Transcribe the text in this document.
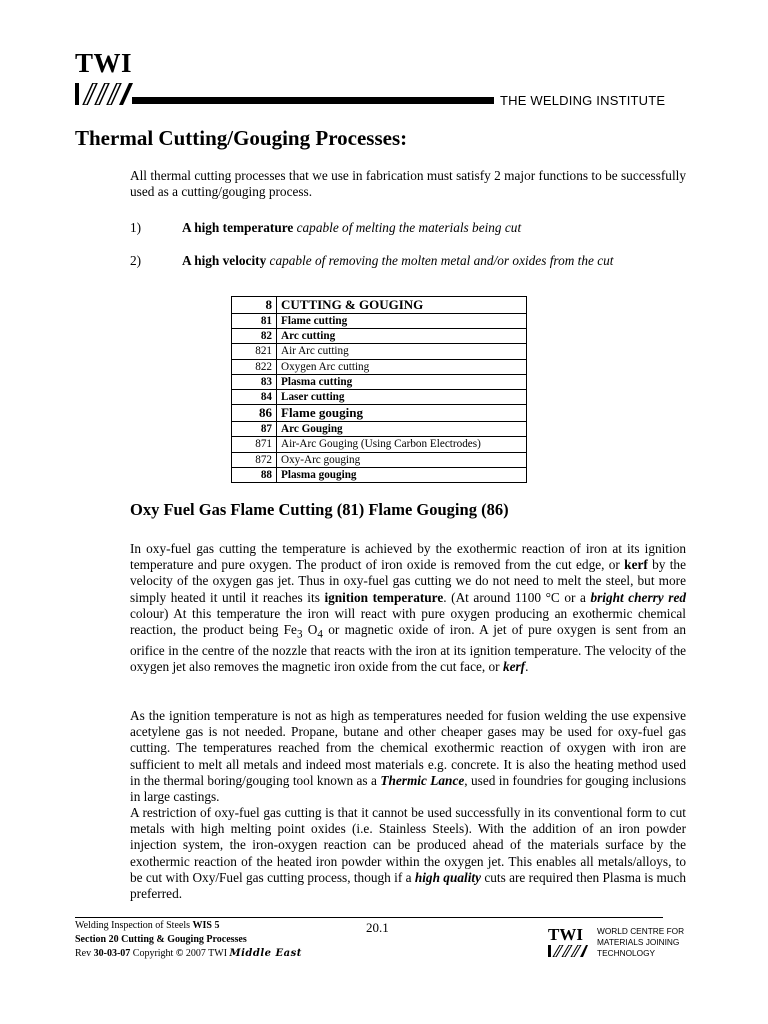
TWI
THE WELDING INSTITUTE
Thermal Cutting/Gouging Processes:
All thermal cutting processes that we use in fabrication must satisfy 2 major functions to be successfully used as a cutting/gouging process.
1)	A high temperature capable of melting the materials being cut
2)	A high velocity capable of removing the molten metal and/or oxides from the cut
8	CUTTING & GOUGING
81	Flame cutting
82	Arc cutting
821	Air Arc cutting
822	Oxygen Arc cutting
83	Plasma cutting
84	Laser cutting
86	Flame gouging
87	Arc Gouging
871	Air-Arc Gouging (Using Carbon Electrodes)
872	Oxy-Arc gouging
88	Plasma gouging
Oxy Fuel Gas Flame Cutting (81) Flame Gouging (86)
In oxy-fuel gas cutting the temperature is achieved by the exothermic reaction of iron at its ignition temperature and pure oxygen. The product of iron oxide is removed from the cut edge, or kerf by the velocity of the oxygen gas jet. Thus in oxy-fuel gas cutting we do not need to melt the steel, but more simply heated it until it reaches its ignition temperature. (At around 1100 °C or a bright cherry red colour) At this temperature the iron will react with pure oxygen producing an exothermic chemical reaction, the product being $Fe_3$ $O_4$ or magnetic oxide of iron. A jet of pure oxygen is sent from an orifice in the centre of the nozzle that reacts with the iron at its ignition temperature. The velocity of the oxygen jet also removes the magnetic iron oxide from the cut face, or kerf.
As the ignition temperature is not as high as temperatures needed for fusion welding the use expensive acetylene gas is not needed. Propane, butane and other cheaper gases may be used for oxy-fuel gas cutting. The temperatures reached from the chemical exothermic reaction of oxygen with iron are sufficient to melt all metals and indeed most materials e.g. concrete. It is also the heating method used in the thermal boring/gouging tool known as a Thermic Lance, used in foundries for gouging inclusions in large castings.
A restriction of oxy-fuel gas cutting is that it cannot be used successfully in its conventional form to cut metals with high melting point oxides (i.e. Stainless Steels). With the addition of an iron powder injection system, the iron-oxygen reaction can be produced ahead of the materials surface by the exothermic reaction of the heated iron powder within the oxygen jet. This enables all metals/alloys, to be cut with Oxy/Fuel gas cutting process, though if a high quality cuts are required then Plasma is much preferred.
Welding Inspection of Steels WIS 5
Section 20 Cutting & Gouging Processes
Rev 30-03-07 Copyright © 2007 TWI Middle East
20.1	TWI WORLD CENTRE FOR
MATERIALS JOINING
TECHNOLOGY
